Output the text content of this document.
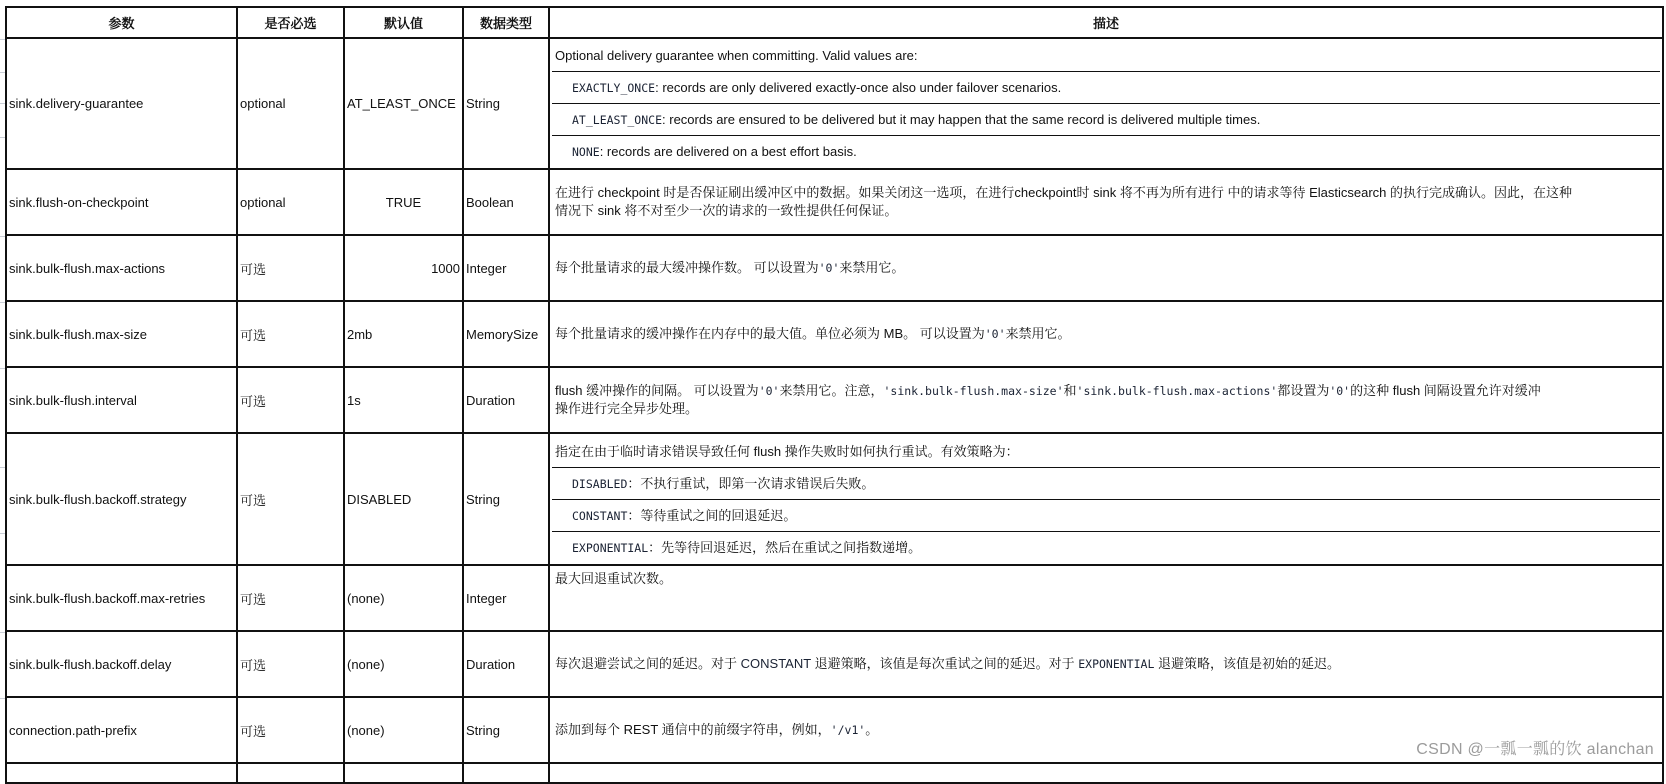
参数	是否必选	默认值	数据类型	描述
sink.delivery-guarantee	optional	AT_LEAST_ONCE	String	Optional delivery guarantee when committing. Valid values are:
EXACTLY_ONCE: records are only delivered exactly-once also under failover scenarios.
AT_LEAST_ONCE: records are ensured to be delivered but it may happen that the same record is delivered multiple times.
NONE: records are delivered on a best effort basis.

sink.flush-on-checkpoint	optional	TRUE	Boolean	在进行 checkpoint 时是否保证刷出缓冲区中的数据。如果关闭这一选项，在进行checkpoint时 sink 将不再为所有进行 中的请求等待 Elasticsearch 的执行完成确认。因此，在这种
情况下 sink 将不对至少一次的请求的一致性提供任何保证。

sink.bulk-flush.max-actions	可选	1000	Integer	每个批量请求的最大缓冲操作数。 可以设置为'0'来禁用它。

sink.bulk-flush.max-size	可选	2mb	MemorySize	每个批量请求的缓冲操作在内存中的最大值。单位必须为 MB。 可以设置为'0'来禁用它。

sink.bulk-flush.interval	可选	1s	Duration	flush 缓冲操作的间隔。 可以设置为'0'来禁用它。注意，'sink.bulk-flush.max-size'和'sink.bulk-flush.max-actions'都设置为'0'的这种 flush 间隔设置允许对缓冲
操作进行完全异步处理。

sink.bulk-flush.backoff.strategy	可选	DISABLED	String	指定在由于临时请求错误导致任何 flush 操作失败时如何执行重试。有效策略为：
DISABLED：不执行重试，即第一次请求错误后失败。
CONSTANT：等待重试之间的回退延迟。
EXPONENTIAL：先等待回退延迟，然后在重试之间指数递增。

sink.bulk-flush.backoff.max-retries	可选	(none)	Integer	最大回退重试次数。

sink.bulk-flush.backoff.delay	可选	(none)	Duration	每次退避尝试之间的延迟。对于 CONSTANT 退避策略，该值是每次重试之间的延迟。对于 EXPONENTIAL 退避策略，该值是初始的延迟。

connection.path-prefix	可选	(none)	String	添加到每个 REST 通信中的前缀字符串，例如，'/v1'。

CSDN @一瓢一瓢的饮 alanchan
